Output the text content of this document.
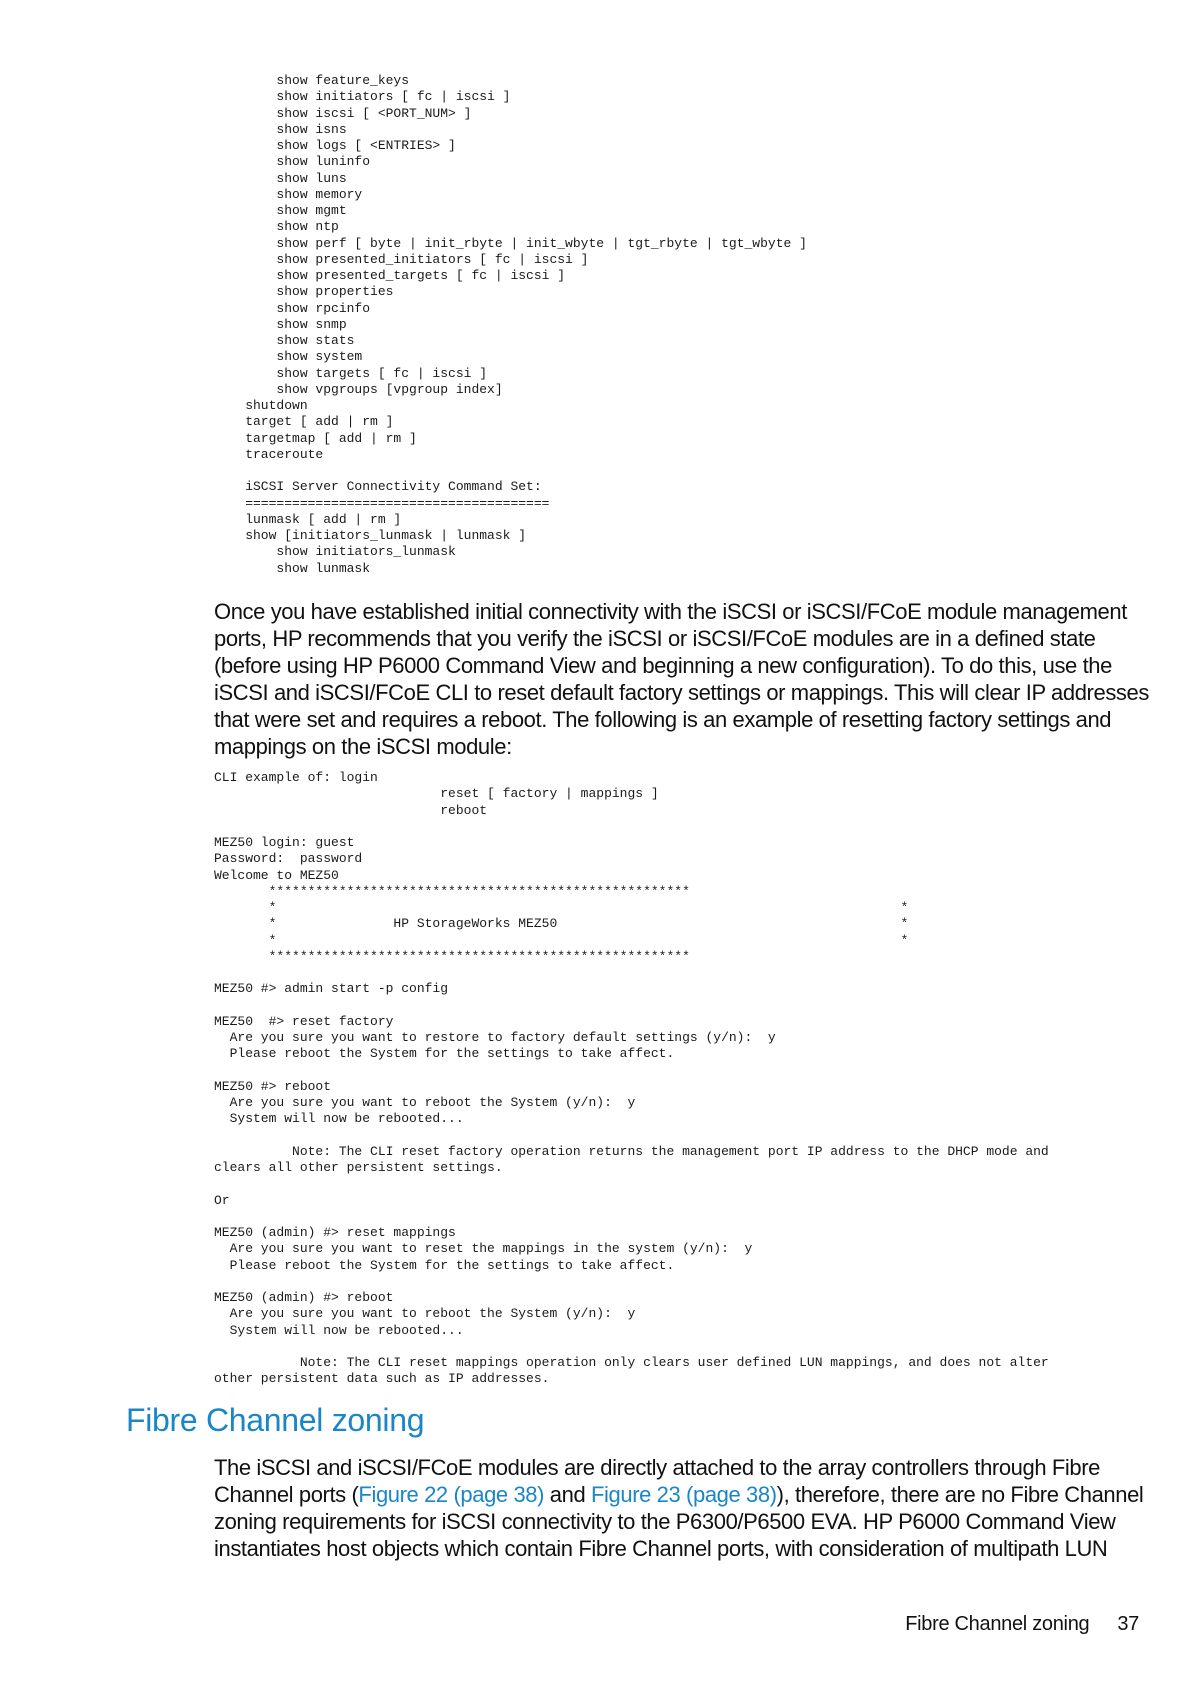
show feature_keys
show initiators [ fc | iscsi ]
show iscsi [ <PORT_NUM> ]
show isns
show logs [ <ENTRIES> ]
show luninfo
show luns
show memory
show mgmt
show ntp
show perf [ byte | init_rbyte | init_wbyte | tgt_rbyte | tgt_wbyte ]
show presented_initiators [ fc | iscsi ]
show presented_targets [ fc | iscsi ]
show properties
show rpcinfo
show snmp
show stats
show system
show targets [ fc | iscsi ]
show vpgroups [vpgroup index]
shutdown
target [ add | rm ]
targetmap [ add | rm ]
traceroute

iSCSI Server Connectivity Command Set:
=======================================
lunmask [ add | rm ]
show [initiators_lunmask | lunmask ]
show initiators_lunmask
show lunmask

Once you have established initial connectivity with the iSCSI or iSCSI/FCoE module management ports, HP recommends that you verify the iSCSI or iSCSI/FCoE modules are in a defined state (before using HP P6000 Command View and beginning a new configuration). To do this, use the iSCSI and iSCSI/FCoE CLI to reset default factory settings or mappings. This will clear IP addresses that were set and requires a reboot. The following is an example of resetting factory settings and mappings on the iSCSI module:

CLI example of: login
reset [ factory | mappings ]
reboot

MEZ50 login: guest
Password:  password
Welcome to MEZ50
******************************************************
*                                                                                *
*               HP StorageWorks MEZ50                                            *
*                                                                                *
******************************************************

MEZ50 #> admin start -p config

MEZ50  #> reset factory
Are you sure you want to restore to factory default settings (y/n):  y
Please reboot the System for the settings to take affect.

MEZ50 #> reboot
Are you sure you want to reboot the System (y/n):  y
System will now be rebooted...

Note: The CLI reset factory operation returns the management port IP address to the DHCP mode and
clears all other persistent settings.

Or

MEZ50 (admin) #> reset mappings
Are you sure you want to reset the mappings in the system (y/n):  y
Please reboot the System for the settings to take affect.

MEZ50 (admin) #> reboot
Are you sure you want to reboot the System (y/n):  y
System will now be rebooted...

Note: The CLI reset mappings operation only clears user defined LUN mappings, and does not alter
other persistent data such as IP addresses.
Fibre Channel zoning

The iSCSI and iSCSI/FCoE modules are directly attached to the array controllers through Fibre Channel ports (Figure 22 (page 38) and Figure 23 (page 38)), therefore, there are no Fibre Channel zoning requirements for iSCSI connectivity to the P6300/P6500 EVA. HP P6000 Command View instantiates host objects which contain Fibre Channel ports, with consideration of multipath LUN

Fibre Channel zoning 37
